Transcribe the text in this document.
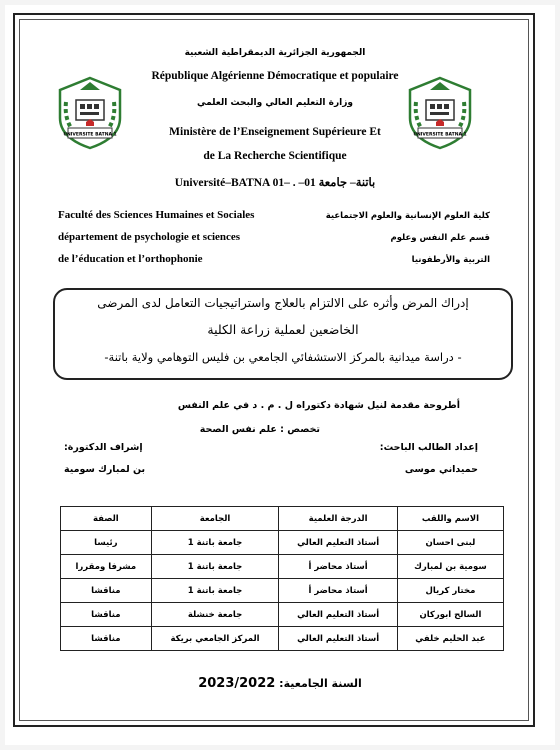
UNIVERSITE BATNA 1	UNIVERSITE BATNA 1
الجمهورية الجزائرية الديمقراطية الشعبية
République Algérienne Démocratique et populaire
وزارة التعليم العالي والبحث العلمي
Ministère de l’Enseignement Supérieure Et
de La Recherche Scientifique
Université–BATNA 01– . –01 باتنة– جامعة
Faculté des Sciences Humaines et Sociales
département de psychologie et sciences
de l’éducation et l’orthophonie
كلية العلوم الإنسانية والعلوم الاجتماعية
قسم علم النفس وعلوم
التربية والأرطفونيا
إدراك المرض وأثره على الالتزام بالعلاج واستراتيجيات التعامل لدى المرضى
الخاضعين لعملية زراعة الكلية
- دراسة ميدانية بالمركز الاستشفائي الجامعي بن فليس التوهامي ولاية باتنة-
أطروحة مقدمة لنيل شهادة دكتوراه ل . م . د في علم النفس
تخصص : علم نفس الصحة
إعداد الطالب الباحث:
حميداني موسى
إشراف الدكتورة:
بن لمبارك سومية
الاسم واللقب	الدرجة العلمية	الجامعة	الصفة
لبنى احسان	أستاذ التعليم العالي	جامعة باتنة 1	رئيسا
سومية بن لمبارك	أستاذ محاضر أ	جامعة باتنة 1	مشرفا ومقررا
مختار كريال	أستاذ محاضر أ	جامعة باتنة 1	مناقشا
السالح ابوركان	أستاذ التعليم العالي	جامعة خنشلة	مناقشا
عبد الحليم خلفي	أستاذ التعليم العالي	المركز الجامعي بريكة	مناقشا
السنة الجامعية: 2023/2022
